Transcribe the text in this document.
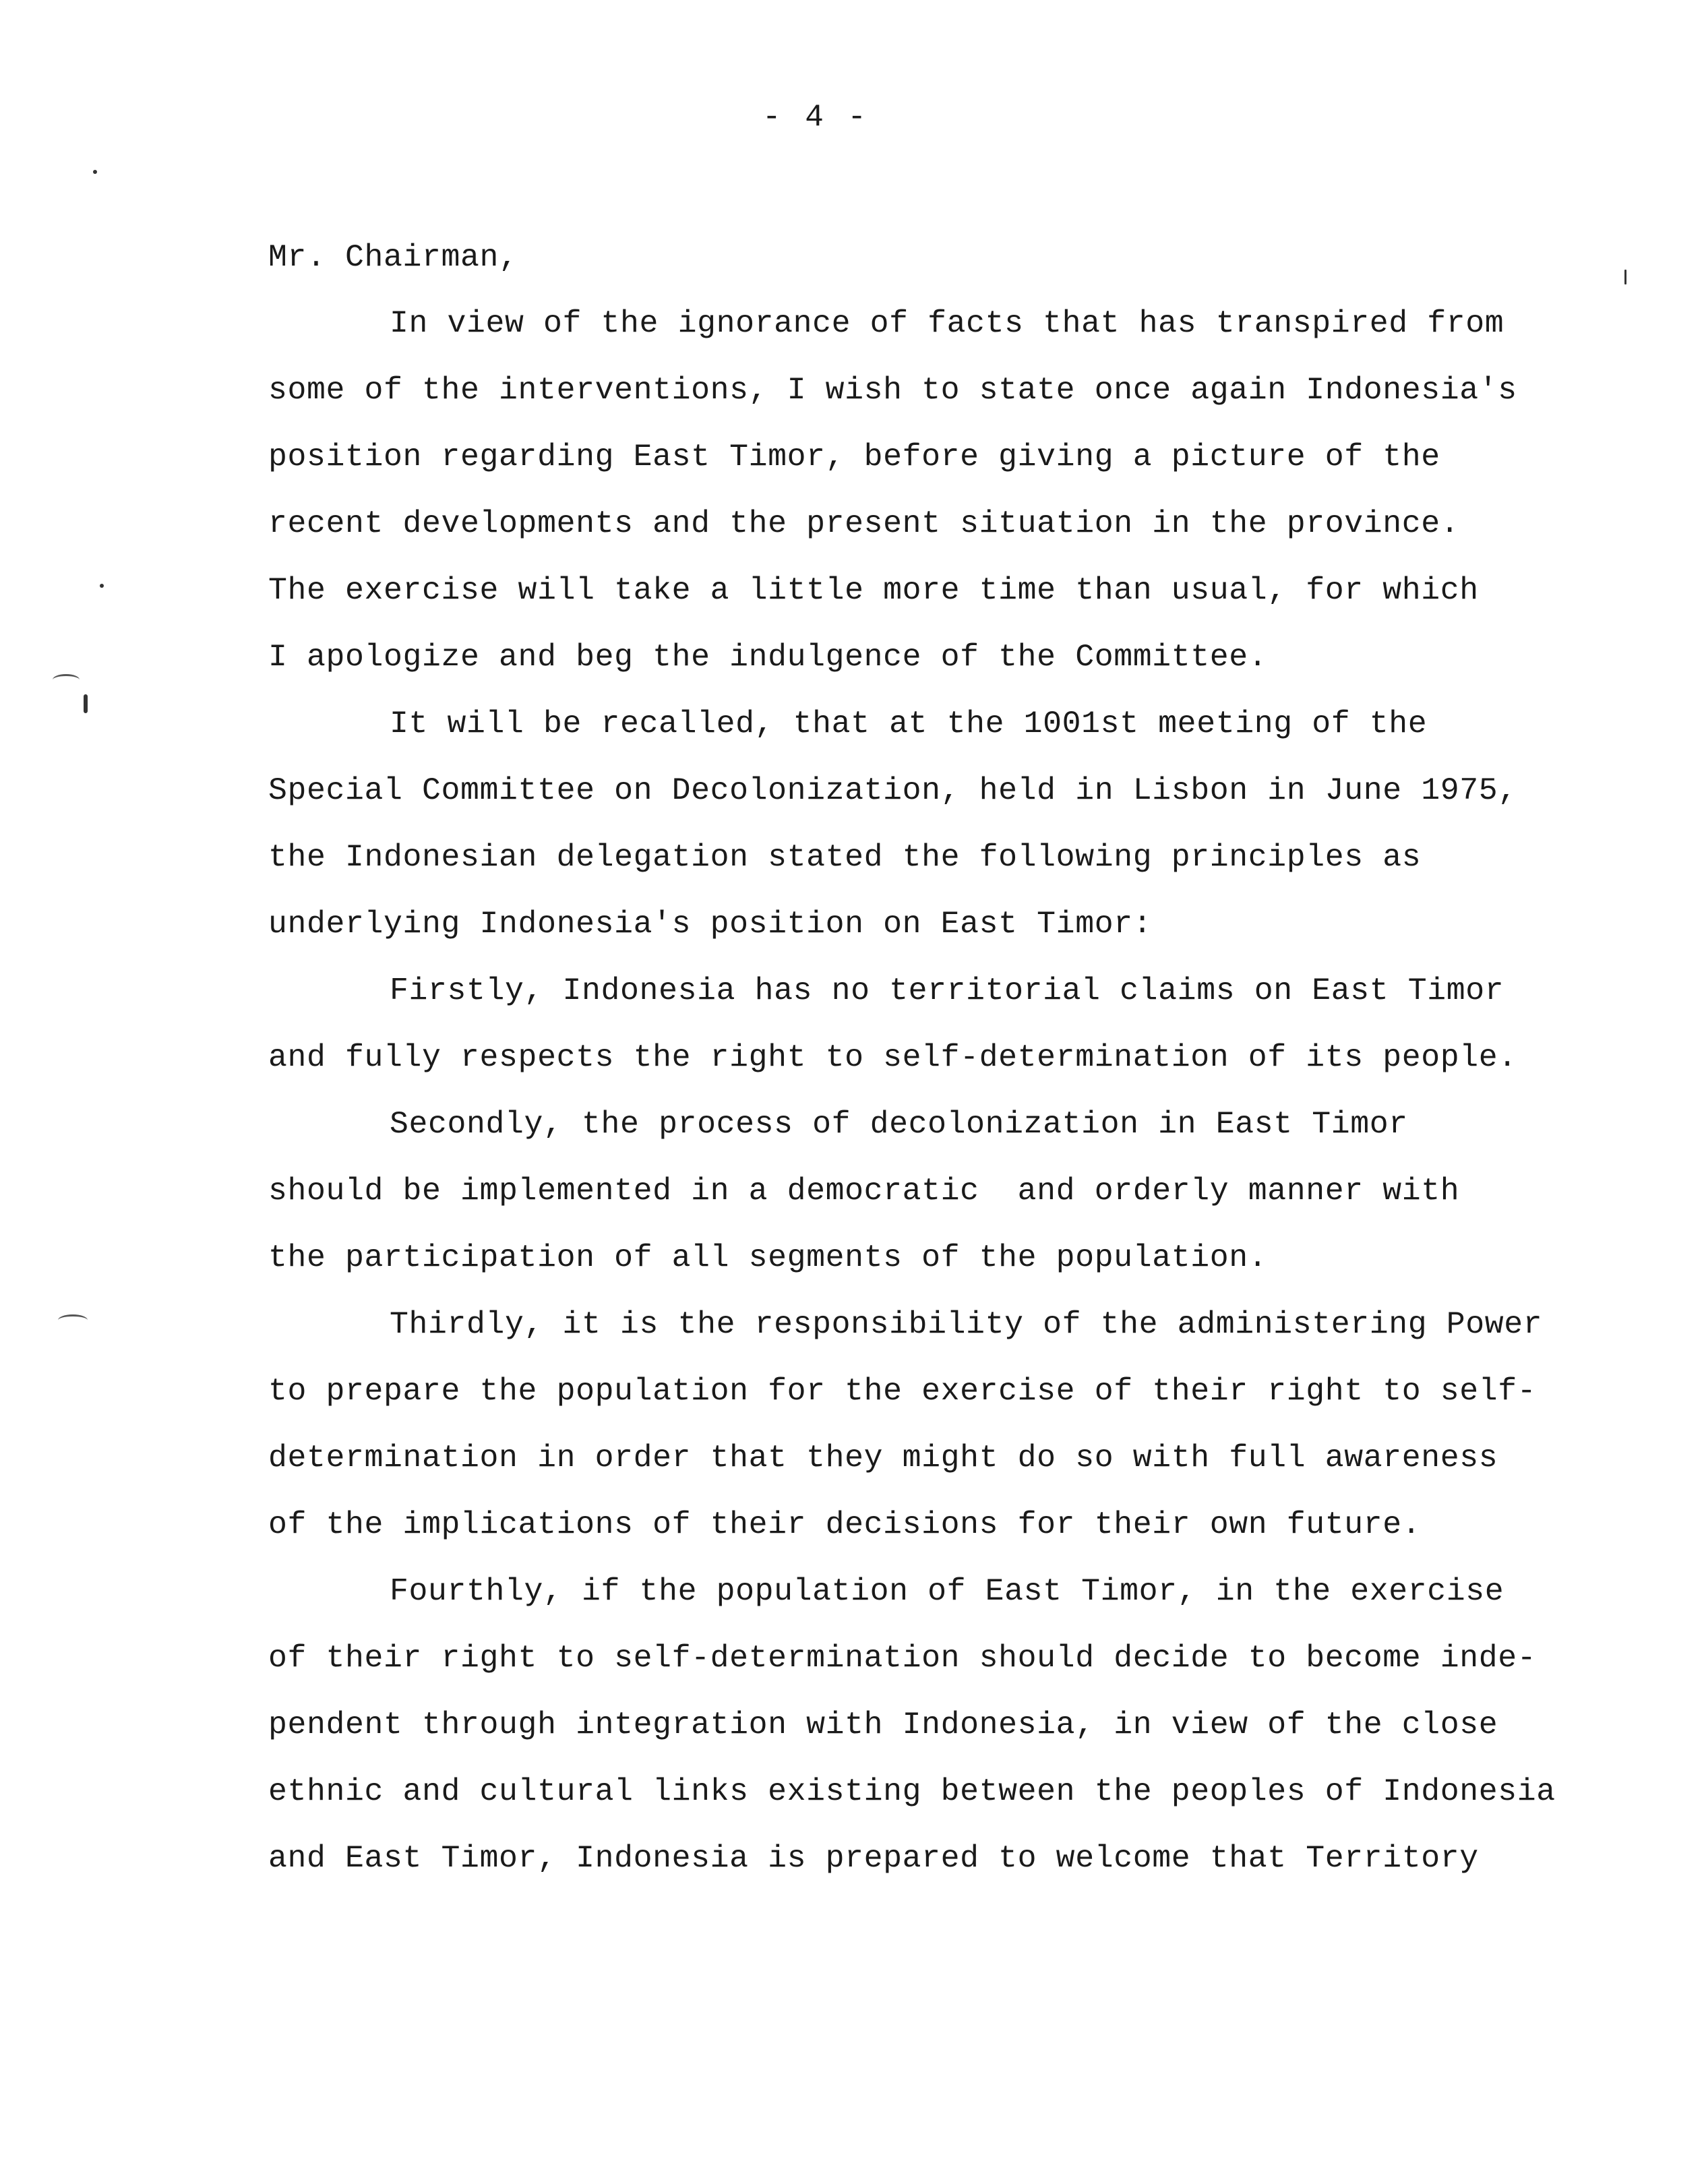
- 4 -
Mr. Chairman,
In view of the ignorance of facts that has transpired from
some of the interventions, I wish to state once again Indonesia's
position regarding East Timor, before giving a picture of the
recent developments and the present situation in the province.
The exercise will take a little more time than usual, for which
I apologize and beg the indulgence of the Committee.
It will be recalled, that at the 1001st meeting of the
Special Committee on Decolonization, held in Lisbon in June 1975,
the Indonesian delegation stated the following principles as
underlying Indonesia's position on East Timor:
Firstly, Indonesia has no territorial claims on East Timor
and fully respects the right to self-determination of its people.
Secondly, the process of decolonization in East Timor
should be implemented in a democratic  and orderly manner with
the participation of all segments of the population.
Thirdly, it is the responsibility of the administering Power
to prepare the population for the exercise of their right to self-
determination in order that they might do so with full awareness
of the implications of their decisions for their own future.
Fourthly, if the population of East Timor, in the exercise
of their right to self-determination should decide to become inde-
pendent through integration with Indonesia, in view of the close
ethnic and cultural links existing between the peoples of Indonesia
and East Timor, Indonesia is prepared to welcome that Territory
